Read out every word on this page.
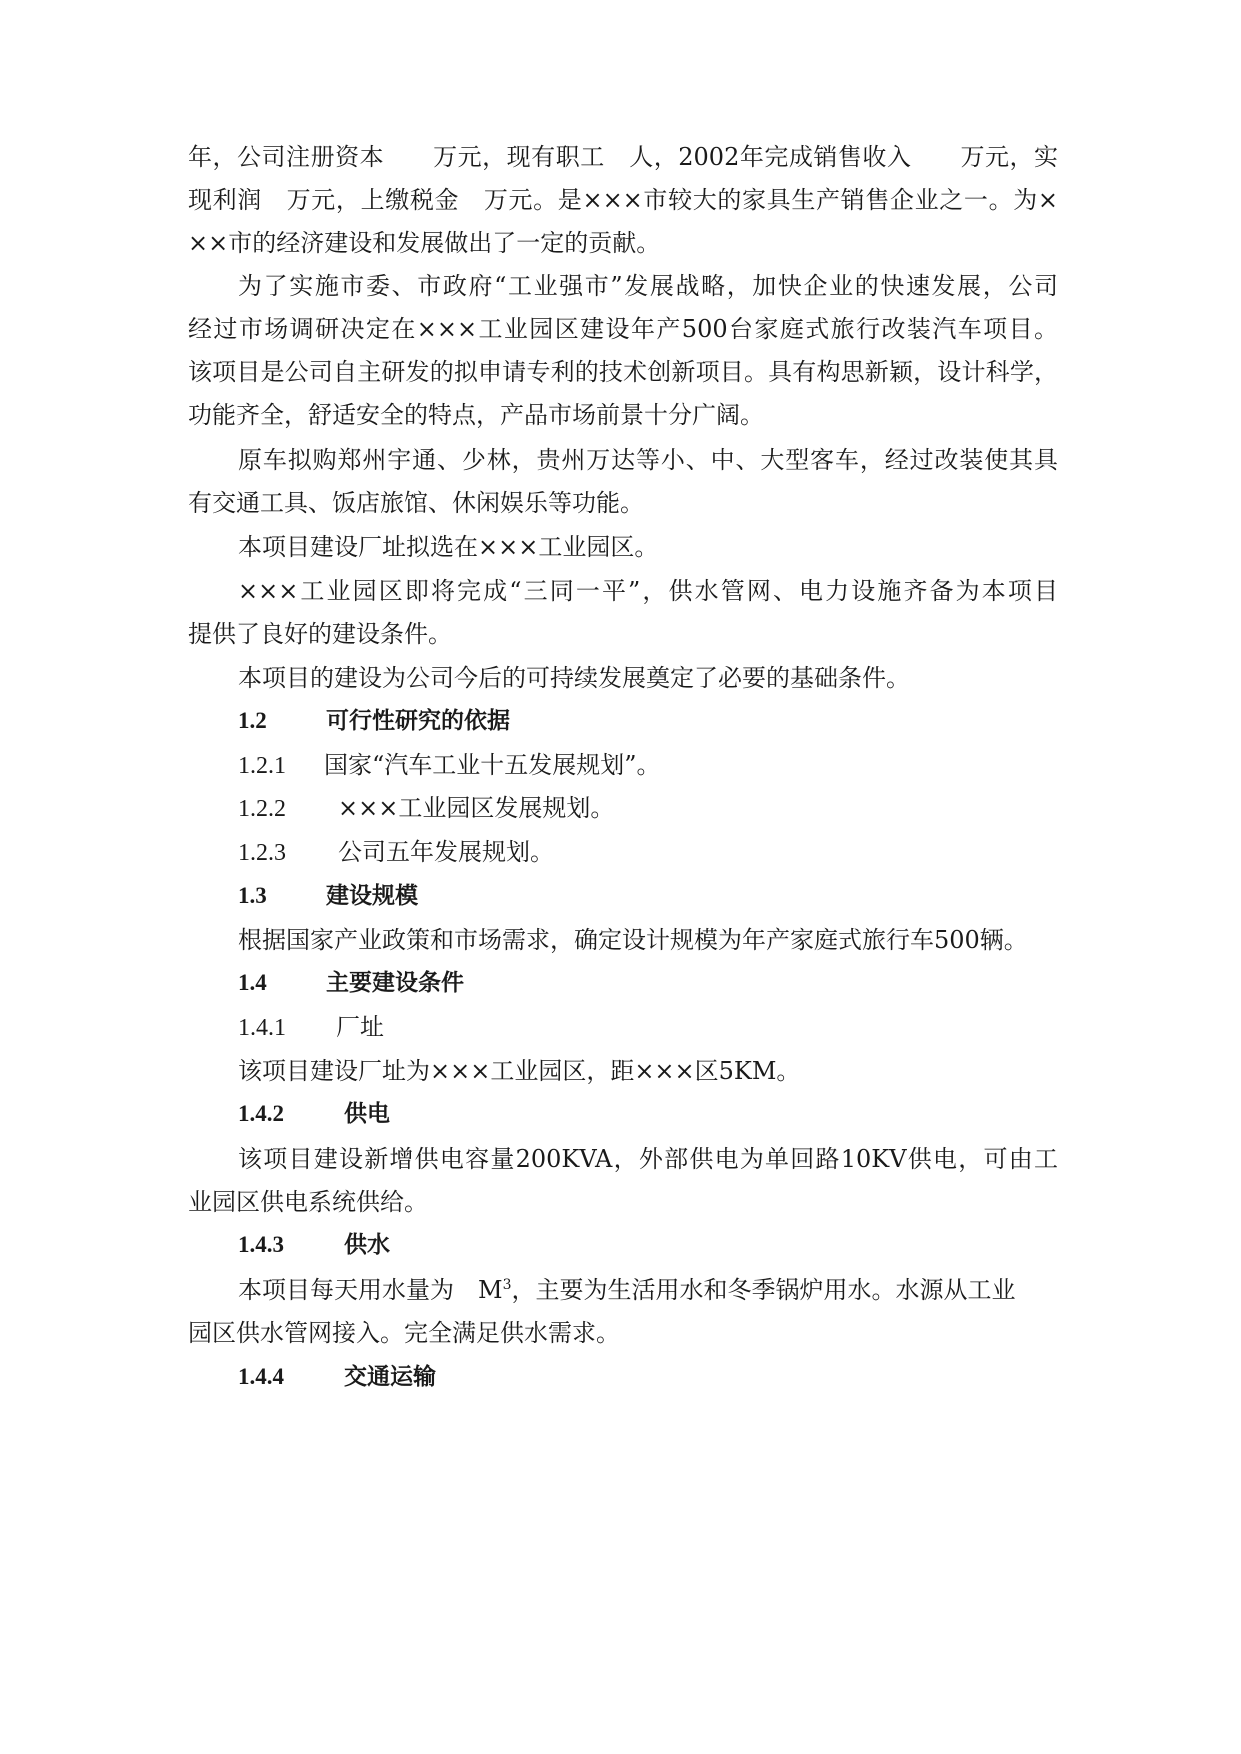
年，公司注册资本　　万元，现有职工　人，2002年完成销售收入　　万元，实
现利润　万元，上缴税金　万元。是×××市较大的家具生产销售企业之一。为×
××市的经济建设和发展做出了一定的贡献。
为了实施市委、市政府“工业强市”发展战略，加快企业的快速发展，公司
经过市场调研决定在×××工业园区建设年产500台家庭式旅行改装汽车项目。
该项目是公司自主研发的拟申请专利的技术创新项目。具有构思新颖，设计科学，
功能齐全，舒适安全的特点，产品市场前景十分广阔。
原车拟购郑州宇通、少林，贵州万达等小、中、大型客车，经过改装使其具
有交通工具、饭店旅馆、休闲娱乐等功能。
本项目建设厂址拟选在×××工业园区。
×××工业园区即将完成“三同一平”，供水管网、电力设施齐备为本项目
提供了良好的建设条件。
本项目的建设为公司今后的可持续发展奠定了必要的基础条件。
1.2	可行性研究的依据
1.2.1 国家“汽车工业十五发展规划”。
1.2.2 ×××工业园区发展规划。
1.2.3 公司五年发展规划。
1.3	建设规模
根据国家产业政策和市场需求，确定设计规模为年产家庭式旅行车500辆。
1.4	主要建设条件
1.4.1 厂址
该项目建设厂址为×××工业园区，距×××区5KM。
1.4.2	供电
该项目建设新增供电容量200KVA，外部供电为单回路10KV供电，可由工
业园区供电系统供给。
1.4.3	供水
本项目每天用水量为　$M^3$，主要为生活用水和冬季锅炉用水。水源从工业
园区供水管网接入。完全满足供水需求。
1.4.4	交通运输
